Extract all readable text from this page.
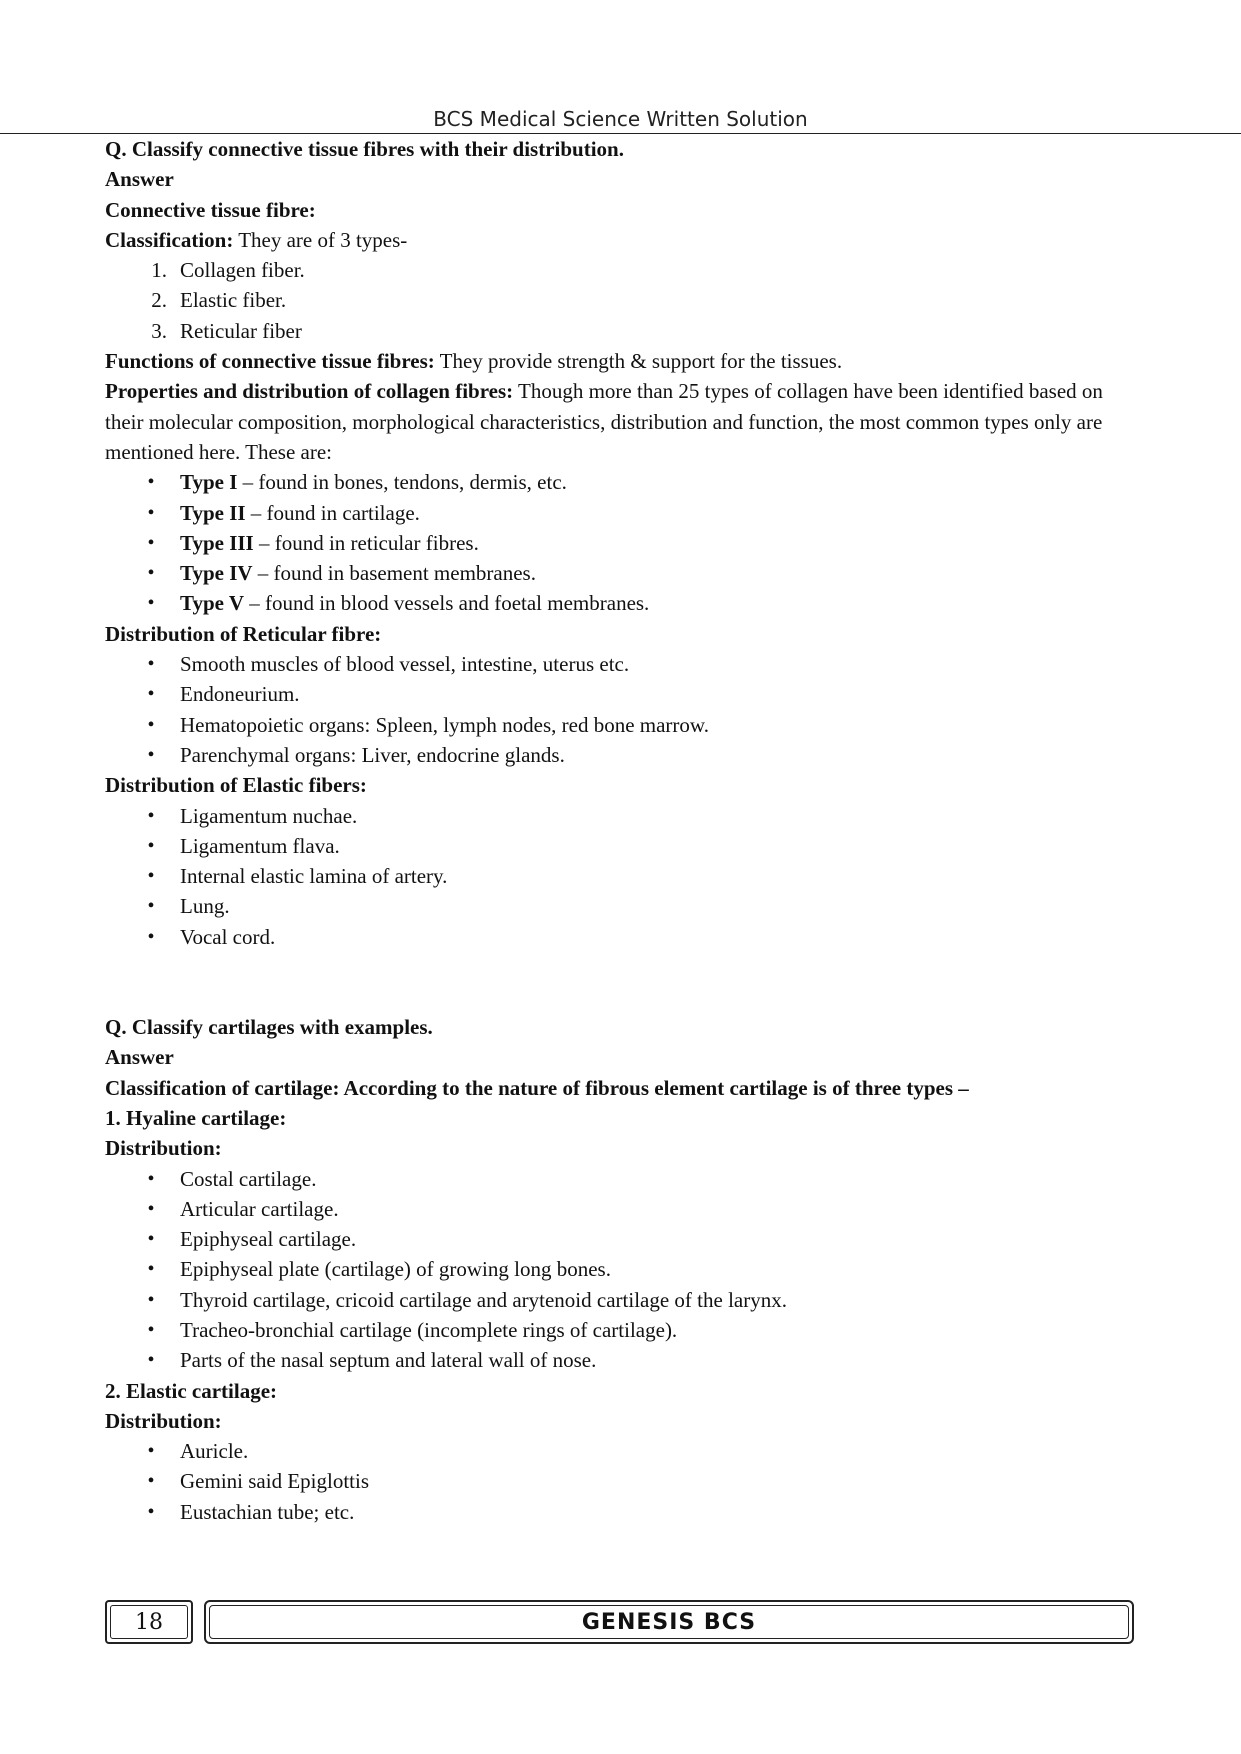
BCS Medical Science Written Solution

Q. Classify connective tissue fibres with their distribution.

Answer

Connective tissue fibre:

Classification: They are of 3 types-

1. Collagen fiber.
2. Elastic fiber.
3. Reticular fiber

Functions of connective tissue fibres: They provide strength & support for the tissues.

Properties and distribution of collagen fibres: Though more than 25 types of collagen have been identified based on their molecular composition, morphological characteristics, distribution and function, the most common types only are mentioned here. These are:

• Type I – found in bones, tendons, dermis, etc.
• Type II – found in cartilage.
• Type III – found in reticular fibres.
• Type IV – found in basement membranes.
• Type V – found in blood vessels and foetal membranes.

Distribution of Reticular fibre:

• Smooth muscles of blood vessel, intestine, uterus etc.
• Endoneurium.
• Hematopoietic organs: Spleen, lymph nodes, red bone marrow.
• Parenchymal organs: Liver, endocrine glands.

Distribution of Elastic fibers:

• Ligamentum nuchae.
• Ligamentum flava.
• Internal elastic lamina of artery.
• Lung.
• Vocal cord.

Q. Classify cartilages with examples.

Answer

Classification of cartilage: According to the nature of fibrous element cartilage is of three types –

1. Hyaline cartilage:

Distribution:

• Costal cartilage.
• Articular cartilage.
• Epiphyseal cartilage.
• Epiphyseal plate (cartilage) of growing long bones.
• Thyroid cartilage, cricoid cartilage and arytenoid cartilage of the larynx.
• Tracheo-bronchial cartilage (incomplete rings of cartilage).
• Parts of the nasal septum and lateral wall of nose.

2. Elastic cartilage:

Distribution:

• Auricle.
• Gemini said Epiglottis
• Eustachian tube; etc.
18	GENESIS BCS
